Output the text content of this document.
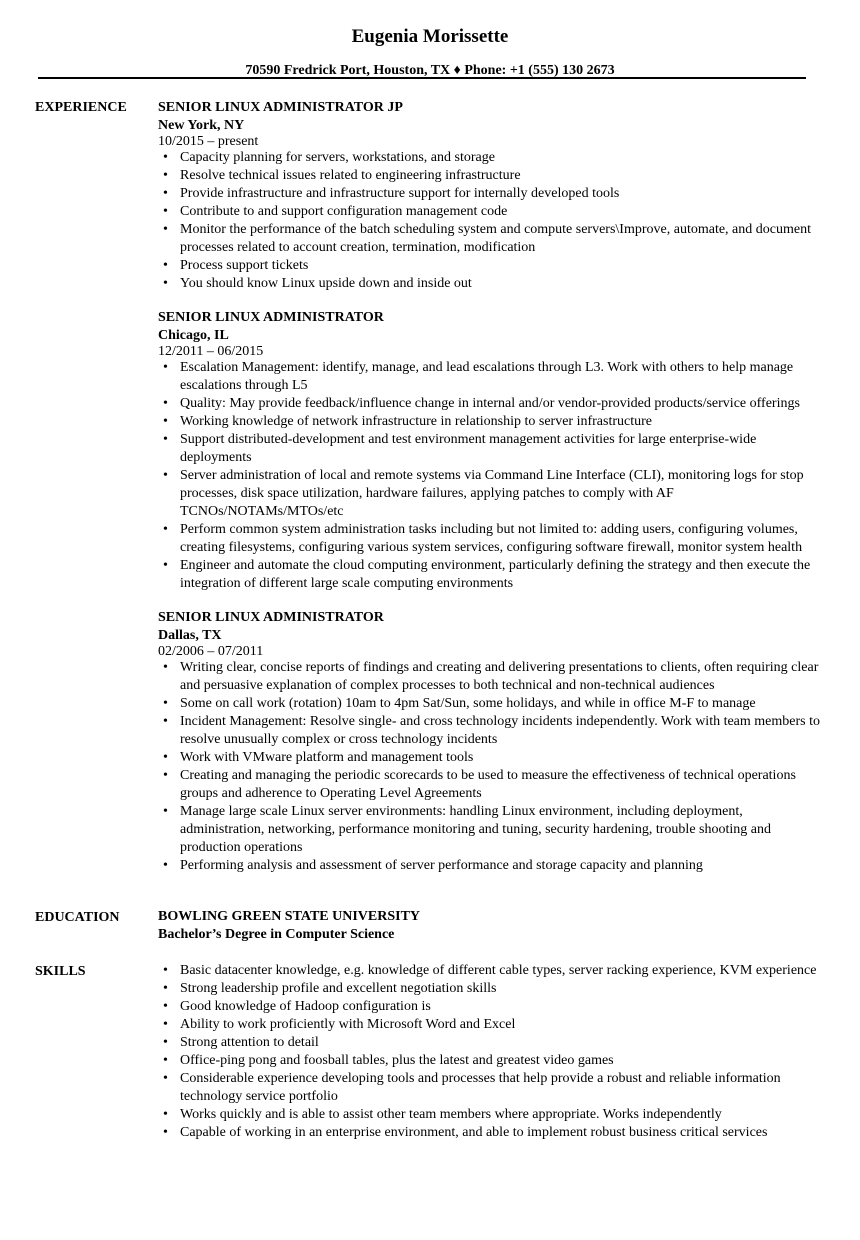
Eugenia Morissette
70590 Fredrick Port, Houston, TX ♦ Phone: +1 (555) 130 2673
EXPERIENCE	SENIOR LINUX ADMINISTRATOR JP
New York, NY
10/2015 – present
• Capacity planning for servers, workstations, and storage
• Resolve technical issues related to engineering infrastructure
• Provide infrastructure and infrastructure support for internally developed tools
• Contribute to and support configuration management code
• Monitor the performance of the batch scheduling system and compute servers\Improve, automate, and document processes related to account creation, termination, modification
• Process support tickets
• You should know Linux upside down and inside out
SENIOR LINUX ADMINISTRATOR
Chicago, IL
12/2011 – 06/2015
• Escalation Management: identify, manage, and lead escalations through L3. Work with others to help manage escalations through L5
• Quality: May provide feedback/influence change in internal and/or vendor-provided products/service offerings
• Working knowledge of network infrastructure in relationship to server infrastructure
• Support distributed-development and test environment management activities for large enterprise-wide deployments
• Server administration of local and remote systems via Command Line Interface (CLI), monitoring logs for stop processes, disk space utilization, hardware failures, applying patches to comply with AF TCNOs/NOTAMs/MTOs/etc
• Perform common system administration tasks including but not limited to: adding users, configuring volumes, creating filesystems, configuring various system services, configuring software firewall, monitor system health
• Engineer and automate the cloud computing environment, particularly defining the strategy and then execute the integration of different large scale computing environments
SENIOR LINUX ADMINISTRATOR
Dallas, TX
02/2006 – 07/2011
• Writing clear, concise reports of findings and creating and delivering presentations to clients, often requiring clear and persuasive explanation of complex processes to both technical and non-technical audiences
• Some on call work (rotation) 10am to 4pm Sat/Sun, some holidays, and while in office M-F to manage
• Incident Management: Resolve single- and cross technology incidents independently. Work with team members to resolve unusually complex or cross technology incidents
• Work with VMware platform and management tools
• Creating and managing the periodic scorecards to be used to measure the effectiveness of technical operations groups and adherence to Operating Level Agreements
• Manage large scale Linux server environments: handling Linux environment, including deployment, administration, networking, performance monitoring and tuning, security hardening, trouble shooting and production operations
• Performing analysis and assessment of server performance and storage capacity and planning
EDUCATION	BOWLING GREEN STATE UNIVERSITY
Bachelor’s Degree in Computer Science
SKILLS	• Basic datacenter knowledge, e.g. knowledge of different cable types, server racking experience, KVM experience
• Strong leadership profile and excellent negotiation skills
• Good knowledge of Hadoop configuration is
• Ability to work proficiently with Microsoft Word and Excel
• Strong attention to detail
• Office-ping pong and foosball tables, plus the latest and greatest video games
• Considerable experience developing tools and processes that help provide a robust and reliable information technology service portfolio
• Works quickly and is able to assist other team members where appropriate. Works independently
• Capable of working in an enterprise environment, and able to implement robust business critical services
